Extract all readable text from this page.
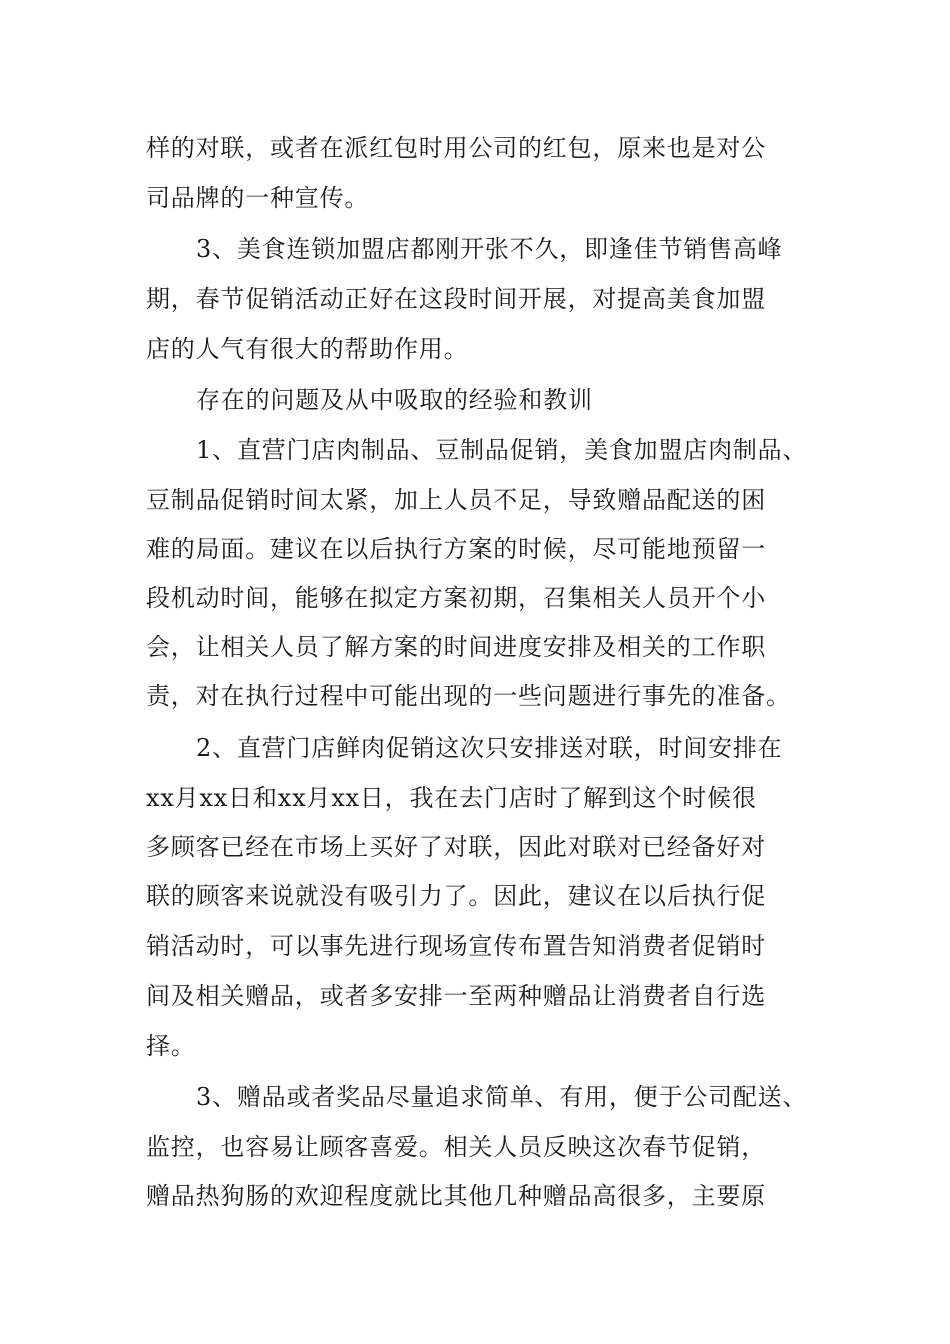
样的对联，或者在派红包时用公司的红包，原来也是对公
司品牌的一种宣传。
3、美食连锁加盟店都刚开张不久，即逢佳节销售高峰
期，春节促销活动正好在这段时间开展，对提高美食加盟
店的人气有很大的帮助作用。
存在的问题及从中吸取的经验和教训
1、直营门店肉制品、豆制品促销，美食加盟店肉制品、
豆制品促销时间太紧，加上人员不足，导致赠品配送的困
难的局面。建议在以后执行方案的时候，尽可能地预留一
段机动时间，能够在拟定方案初期，召集相关人员开个小
会，让相关人员了解方案的时间进度安排及相关的工作职
责，对在执行过程中可能出现的一些问题进行事先的准备。
2、直营门店鲜肉促销这次只安排送对联，时间安排在
xx月xx日和xx月xx日，我在去门店时了解到这个时候很
多顾客已经在市场上买好了对联，因此对联对已经备好对
联的顾客来说就没有吸引力了。因此，建议在以后执行促
销活动时，可以事先进行现场宣传布置告知消费者促销时
间及相关赠品，或者多安排一至两种赠品让消费者自行选
择。
3、赠品或者奖品尽量追求简单、有用，便于公司配送、
监控，也容易让顾客喜爱。相关人员反映这次春节促销，
赠品热狗肠的欢迎程度就比其他几种赠品高很多，主要原
